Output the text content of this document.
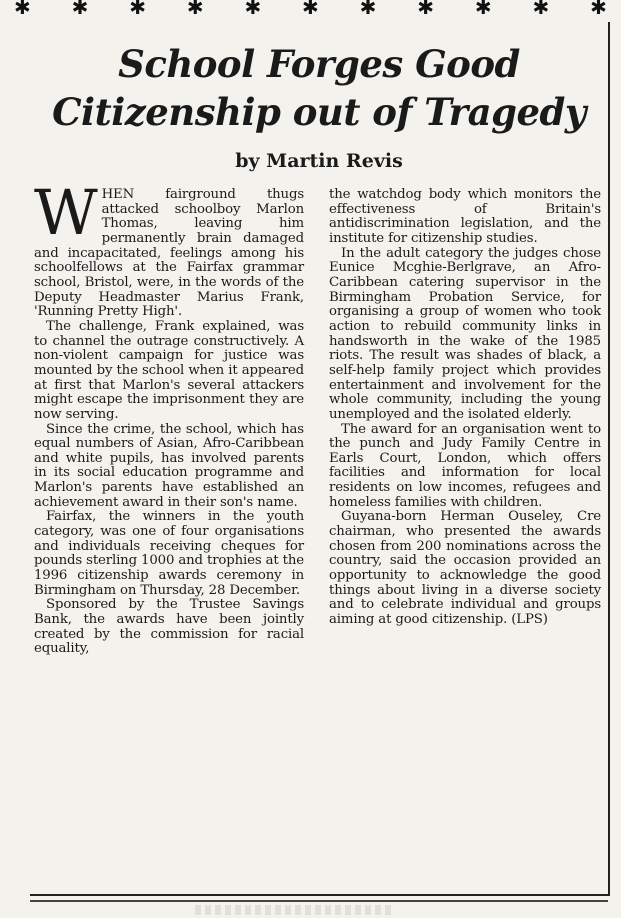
✱ ✱ ✱ ✱ ✱ ✱ ✱ ✱ ✱ ✱ ✱
School Forges Good
Citizenship out of Tragedy
by Martin Revis

WHEN fairground thugs attacked schoolboy Marlon Thomas, leaving him permanently brain damaged and incapacitated, feelings among his schoolfellows at the Fairfax grammar school, Bristol, were, in the words of the Deputy Headmaster Marius Frank, 'Running Pretty High'.

The challenge, Frank explained, was to channel the outrage constructively. A non-violent campaign for justice was mounted by the school when it appeared at first that Marlon's several attackers might escape the imprisonment they are now serving.

Since the crime, the school, which has equal numbers of Asian, Afro-Caribbean and white pupils, has involved parents in its social education programme and Marlon's parents have established an achievement award in their son's name.

Fairfax, the winners in the youth category, was one of four organisations and individuals receiving cheques for pounds sterling 1000 and trophies at the 1996 citizenship awards ceremony in Birmingham on Thursday, 28 December.

Sponsored by the Trustee Savings Bank, the awards have been jointly created by the commission for racial equality,

the watchdog body which monitors the effectiveness of Britain's antidiscrimination legislation, and the institute for citizenship studies.

In the adult category the judges chose Eunice Mcghie-Berlgrave, an Afro-Caribbean catering supervisor in the Birmingham Probation Service, for organising a group of women who took action to rebuild community links in handsworth in the wake of the 1985 riots. The result was shades of black, a self-help family project which provides entertainment and involvement for the whole community, including the young unemployed and the isolated elderly.

The award for an organisation went to the punch and Judy Family Centre in Earls Court, London, which offers facilities and information for local residents on low incomes, refugees and homeless families with children.

Guyana-born Herman Ouseley, Cre chairman, who presented the awards chosen from 200 nominations across the country, said the occasion provided an opportunity to acknowledge the good things about living in a diverse society and to celebrate individual and groups aiming at good citizenship. (LPS)
